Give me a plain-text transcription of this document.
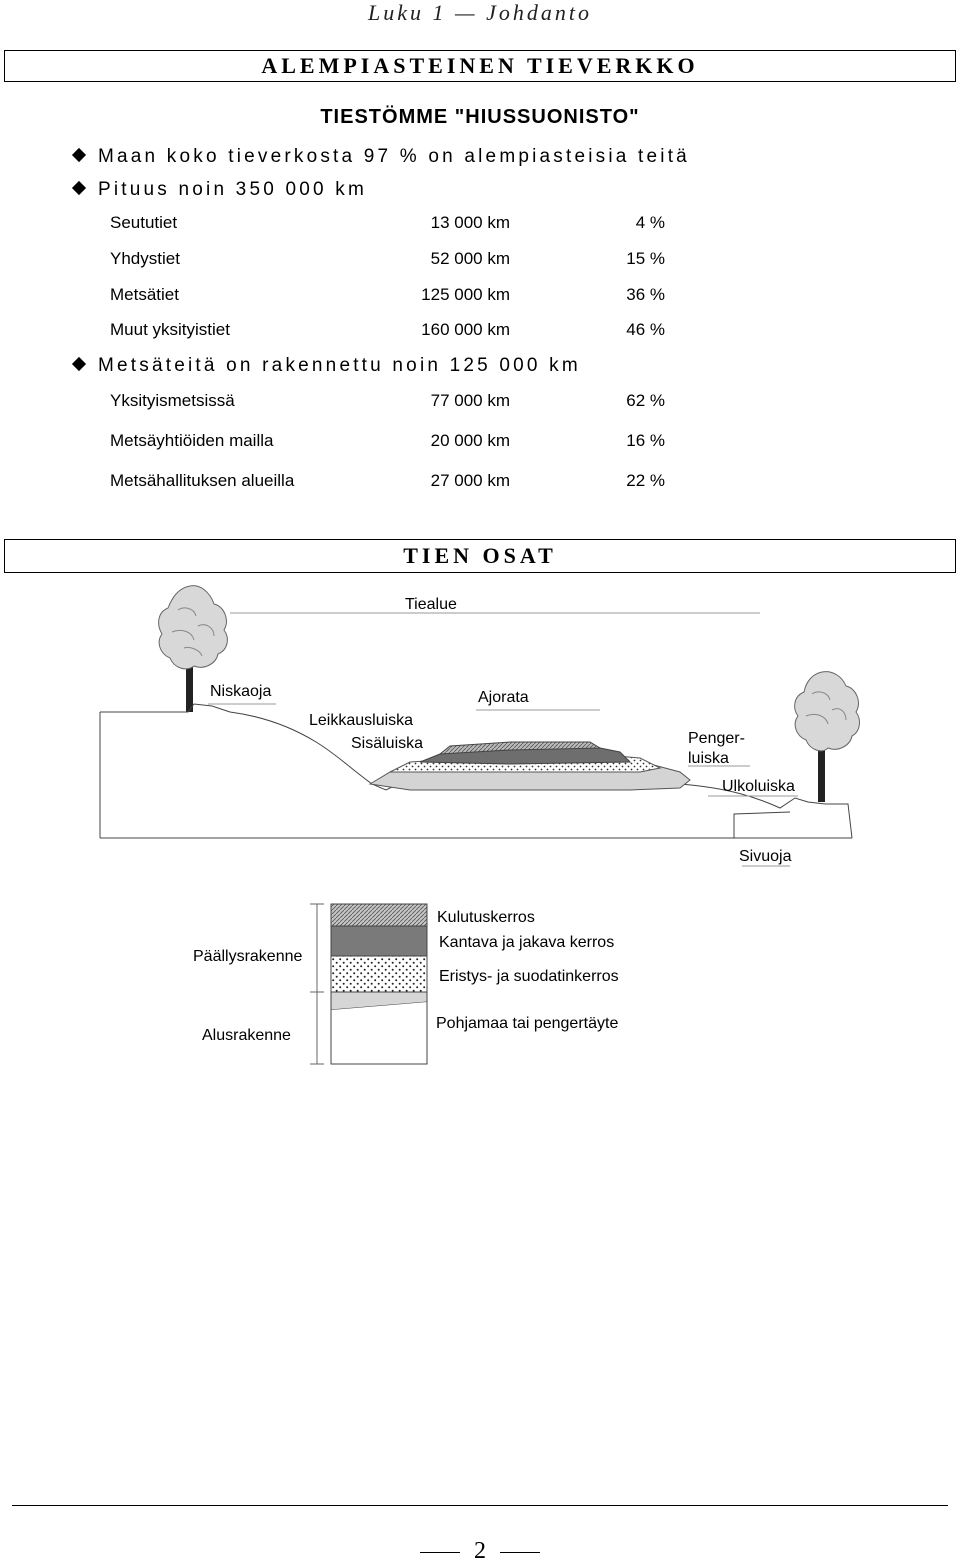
Luku 1 — Johdanto
ALEMPIASTEINEN TIEVERKKO
TIESTÖMME "HIUSSUONISTO"
Maan koko tieverkosta 97 % on alempiasteisia teitä
Pituus noin 350 000 km
Seututiet	13 000 km	4 %
Yhdystiet	52 000 km	15 %
Metsätiet	125 000 km	36 %
Muut yksityistiet	160 000 km	46 %
Metsäteitä on rakennettu noin 125 000 km
Yksityismetsissä	77 000 km	62 %
Metsäyhtiöiden mailla	20 000 km	16 %
Metsähallituksen alueilla	27 000 km	22 %
TIEN OSAT
Tiealue
Niskaoja	Ajorata
Leikkausluiska
Sisäluiska	Penger-
luiska
Ulkoluiska
Sivuoja
Päällysrakenne
Alusrakenne
Kulutuskerros
Kantava ja jakava kerros
Eristys- ja suodatinkerros
Pohjamaa tai pengertäyte
2
